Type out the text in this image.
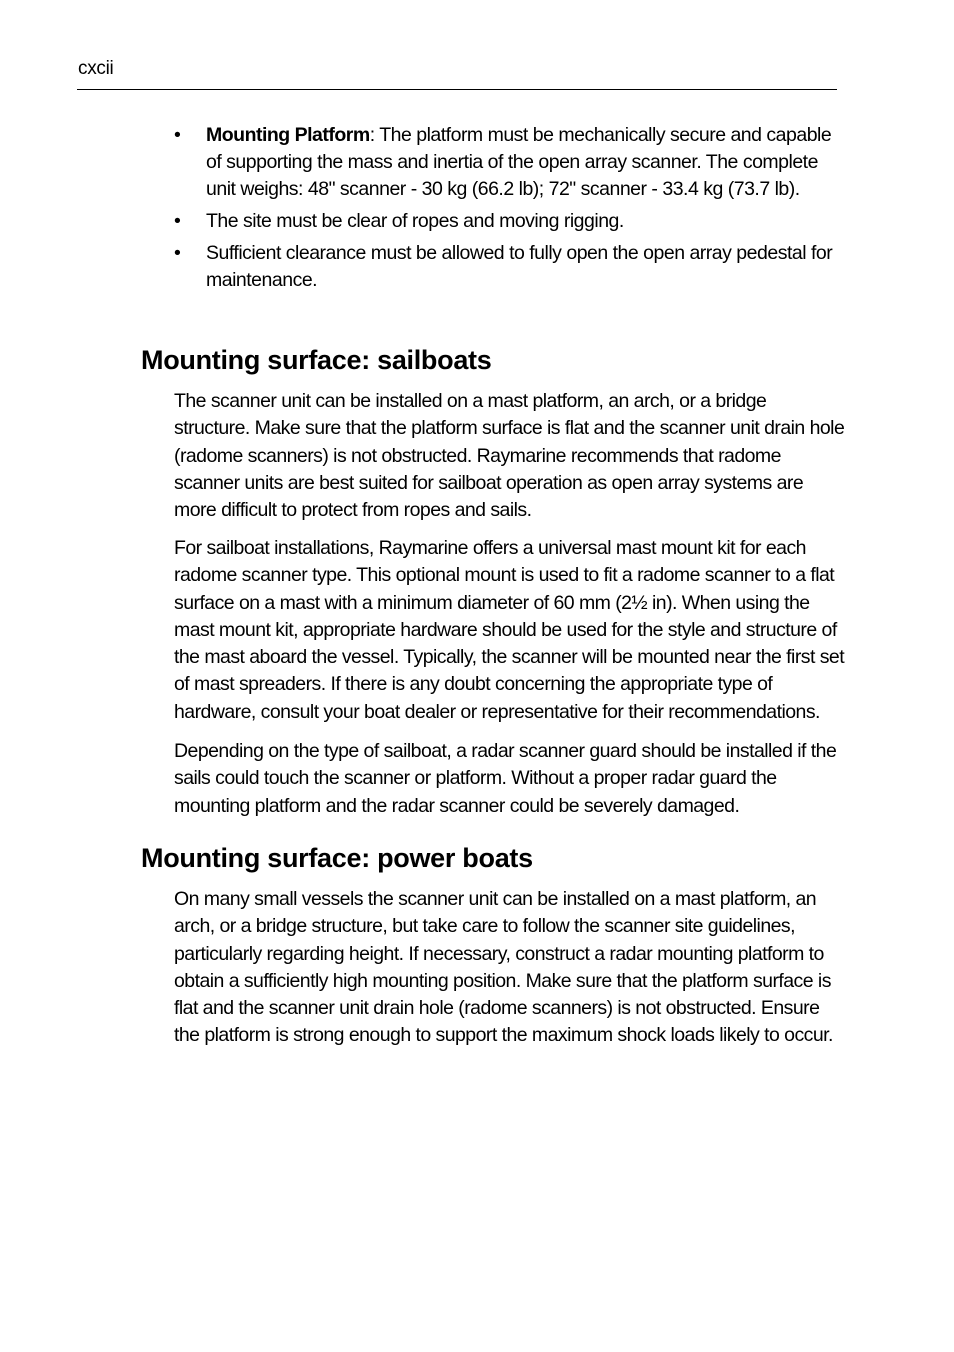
cxcii
• Mounting Platform: The platform must be mechanically secure and capable of supporting the mass and inertia of the open array scanner. The complete unit weighs: 48" scanner - 30 kg (66.2 lb); 72" scanner - 33.4 kg (73.7 lb).
• The site must be clear of ropes and moving rigging.
• Sufficient clearance must be allowed to fully open the open array pedestal for maintenance.
Mounting surface: sailboats

The scanner unit can be installed on a mast platform, an arch, or a bridge structure. Make sure that the platform surface is flat and the scanner unit drain hole (radome scanners) is not obstructed. Raymarine recommends that radome scanner units are best suited for sailboat operation as open array systems are more difficult to protect from ropes and sails.

For sailboat installations, Raymarine offers a universal mast mount kit for each radome scanner type. This optional mount is used to fit a radome scanner to a flat surface on a mast with a minimum diameter of 60 mm (2½ in). When using the mast mount kit, appropriate hardware should be used for the style and structure of the mast aboard the vessel. Typically, the scanner will be mounted near the first set of mast spreaders. If there is any doubt concerning the appropriate type of hardware, consult your boat dealer or representative for their recommendations.

Depending on the type of sailboat, a radar scanner guard should be installed if the sails could touch the scanner or platform. Without a proper radar guard the mounting platform and the radar scanner could be severely damaged.

Mounting surface: power boats

On many small vessels the scanner unit can be installed on a mast platform, an arch, or a bridge structure, but take care to follow the scanner site guidelines, particularly regarding height. If necessary, construct a radar mounting platform to obtain a sufficiently high mounting position. Make sure that the platform surface is flat and the scanner unit drain hole (radome scanners) is not obstructed. Ensure the platform is strong enough to support the maximum shock loads likely to occur.
